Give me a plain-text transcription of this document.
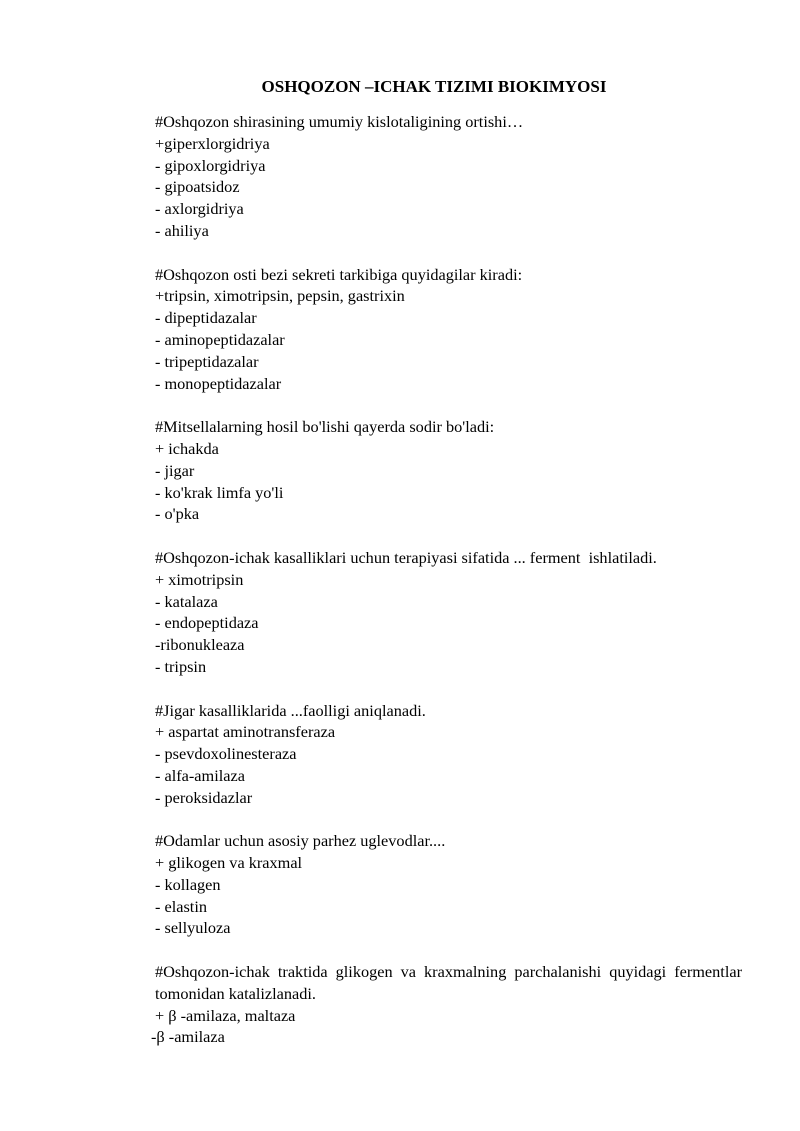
OSHQOZON –ICHAK TIZIMI BIOKIMYOSI
#Oshqozon shirasining umumiy kislotaligining ortishi…
+giperxlorgidriya
- gipoxlorgidriya
- gipoatsidoz
- axlorgidriya
- ahiliya
#Oshqozon osti bezi sekreti tarkibiga quyidagilar kiradi:
+tripsin, ximotripsin, pepsin, gastrixin
- dipeptidazalar
- aminopeptidazalar
- tripeptidazalar
- monopeptidazalar
#Mitsellalarning hosil bo'lishi qayerda sodir bo'ladi:
+ ichakda
- jigar
- ko'krak limfa yo'li
- o'pka
#Oshqozon-ichak kasalliklari uchun terapiyasi sifatida ... ferment  ishlatiladi.
+ ximotripsin
- katalaza
- endopeptidaza
-ribonukleaza
- tripsin
#Jigar kasalliklarida ...faolligi aniqlanadi.
+ aspartat aminotransferaza
- psevdoxolinesteraza
- alfa-amilaza
- peroksidazlar
#Odamlar uchun asosiy parhez uglevodlar....
+ glikogen va kraxmal
- kollagen
- elastin
- sellyuloza
#Oshqozon-ichak traktida glikogen va kraxmalning parchalanishi quyidagi fermentlar tomonidan katalizlanadi.
+ β -amilaza, maltaza
-β -amilaza
